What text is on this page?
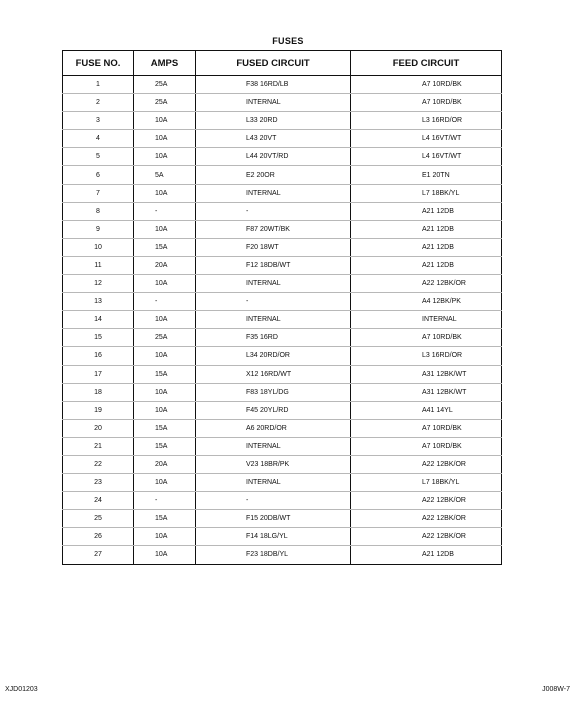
FUSES
FUSE NO.	AMPS	FUSED CIRCUIT	FEED CIRCUIT
1	25A	F38 16RD/LB	A7 10RD/BK
2	25A	INTERNAL	A7 10RD/BK
3	10A	L33 20RD	L3 16RD/OR
4	10A	L43 20VT	L4 16VT/WT
5	10A	L44 20VT/RD	L4 16VT/WT
6	5A	E2 20OR	E1 20TN
7	10A	INTERNAL	L7 18BK/YL
8	-	-	A21 12DB
9	10A	F87 20WT/BK	A21 12DB
10	15A	F20 18WT	A21 12DB
11	20A	F12 18DB/WT	A21 12DB
12	10A	INTERNAL	A22 12BK/OR
13	-	-	A4 12BK/PK
14	10A	INTERNAL	INTERNAL
15	25A	F35 16RD	A7 10RD/BK
16	10A	L34 20RD/OR	L3 16RD/OR
17	15A	X12 16RD/WT	A31 12BK/WT
18	10A	F83 18YL/DG	A31 12BK/WT
19	10A	F45 20YL/RD	A41 14YL
20	15A	A6 20RD/OR	A7 10RD/BK
21	15A	INTERNAL	A7 10RD/BK
22	20A	V23 18BR/PK	A22 12BK/OR
23	10A	INTERNAL	L7 18BK/YL
24	-	-	A22 12BK/OR
25	15A	F15 20DB/WT	A22 12BK/OR
26	10A	F14 18LG/YL	A22 12BK/OR
27	10A	F23 18DB/YL	A21 12DB
XJD01203	J008W-7
